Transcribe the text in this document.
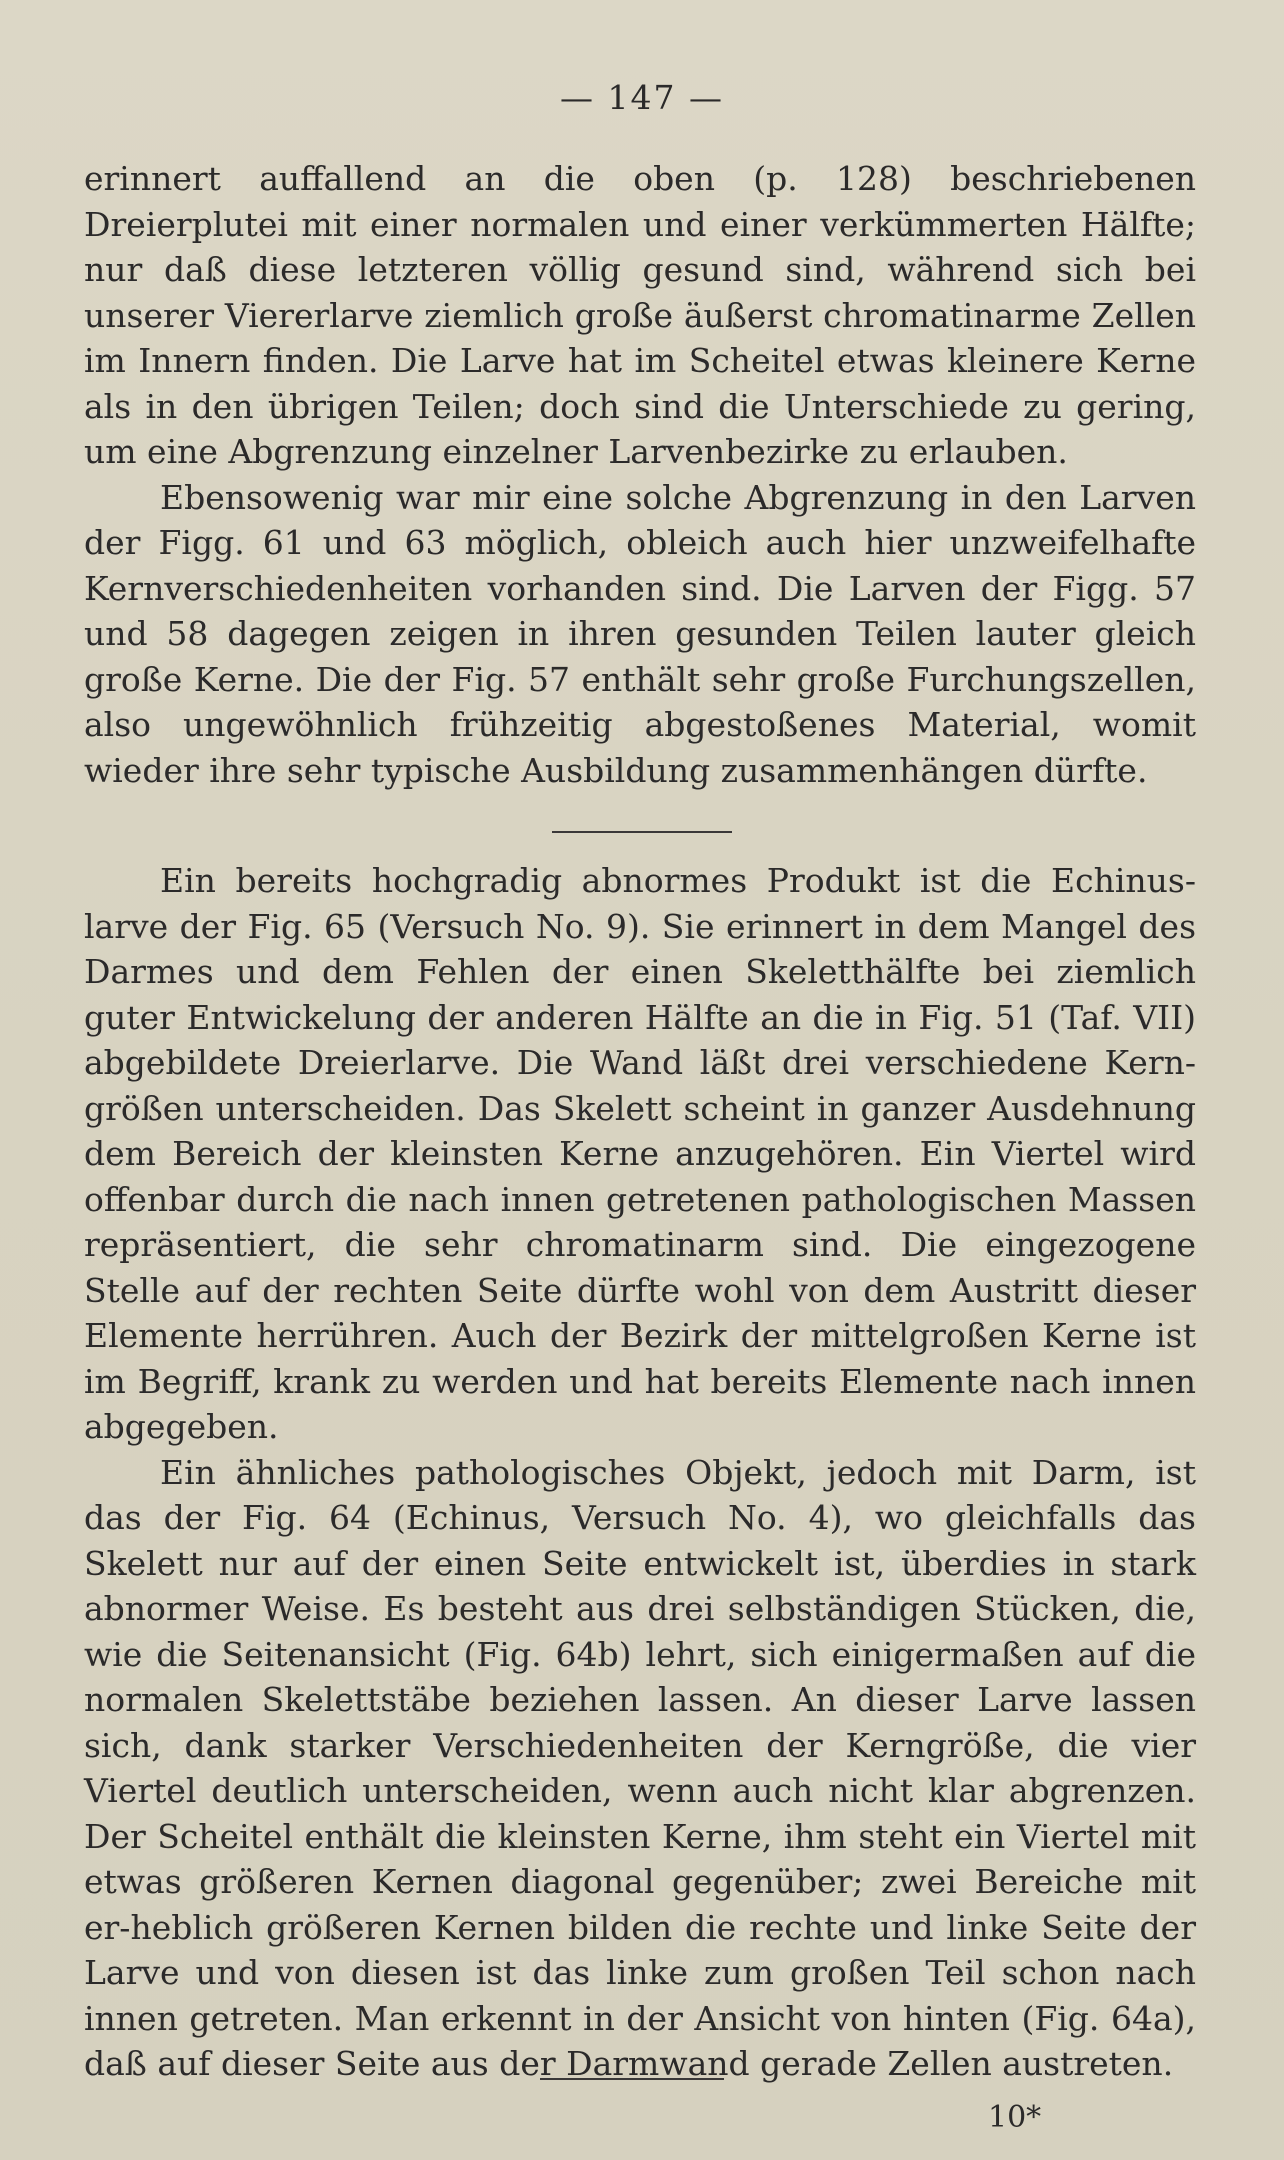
— 147 —

erinnert auffallend an die oben (p. 128) beschriebenen Dreierplutei mit einer normalen und einer verkümmerten Hälfte; nur daß diese letzteren völlig gesund sind, während sich bei unserer Viererlarve ziemlich große äußerst chromatinarme Zellen im Innern finden. Die Larve hat im Scheitel etwas kleinere Kerne als in den übrigen Teilen; doch sind die Unterschiede zu gering, um eine Abgrenzung einzelner Larvenbezirke zu erlauben.

Ebensowenig war mir eine solche Abgrenzung in den Larven der Figg. 61 und 63 möglich, obleich auch hier unzweifelhafte Kernverschiedenheiten vorhanden sind. Die Larven der Figg. 57 und 58 dagegen zeigen in ihren gesunden Teilen lauter gleich große Kerne. Die der Fig. 57 enthält sehr große Furchungszellen, also ungewöhnlich frühzeitig abgestoßenes Material, womit wieder ihre sehr typische Ausbildung zusammenhängen dürfte.

Ein bereits hochgradig abnormes Produkt ist die Echinus-larve der Fig. 65 (Versuch No. 9). Sie erinnert in dem Mangel des Darmes und dem Fehlen der einen Skeletthälfte bei ziemlich guter Entwickelung der anderen Hälfte an die in Fig. 51 (Taf. VII) abgebildete Dreierlarve. Die Wand läßt drei verschiedene Kern-größen unterscheiden. Das Skelett scheint in ganzer Ausdehnung dem Bereich der kleinsten Kerne anzugehören. Ein Viertel wird offenbar durch die nach innen getretenen pathologischen Massen repräsentiert, die sehr chromatinarm sind. Die eingezogene Stelle auf der rechten Seite dürfte wohl von dem Austritt dieser Elemente herrühren. Auch der Bezirk der mittelgroßen Kerne ist im Begriff, krank zu werden und hat bereits Elemente nach innen abgegeben.

Ein ähnliches pathologisches Objekt, jedoch mit Darm, ist das der Fig. 64 (Echinus, Versuch No. 4), wo gleichfalls das Skelett nur auf der einen Seite entwickelt ist, überdies in stark abnormer Weise. Es besteht aus drei selbständigen Stücken, die, wie die Seitenansicht (Fig. 64b) lehrt, sich einigermaßen auf die normalen Skelettstäbe beziehen lassen. An dieser Larve lassen sich, dank starker Verschiedenheiten der Kerngröße, die vier Viertel deutlich unterscheiden, wenn auch nicht klar abgrenzen. Der Scheitel enthält die kleinsten Kerne, ihm steht ein Viertel mit etwas größeren Kernen diagonal gegenüber; zwei Bereiche mit er-heblich größeren Kernen bilden die rechte und linke Seite der Larve und von diesen ist das linke zum großen Teil schon nach innen getreten. Man erkennt in der Ansicht von hinten (Fig. 64a), daß auf dieser Seite aus der Darmwand gerade Zellen austreten.

10*
